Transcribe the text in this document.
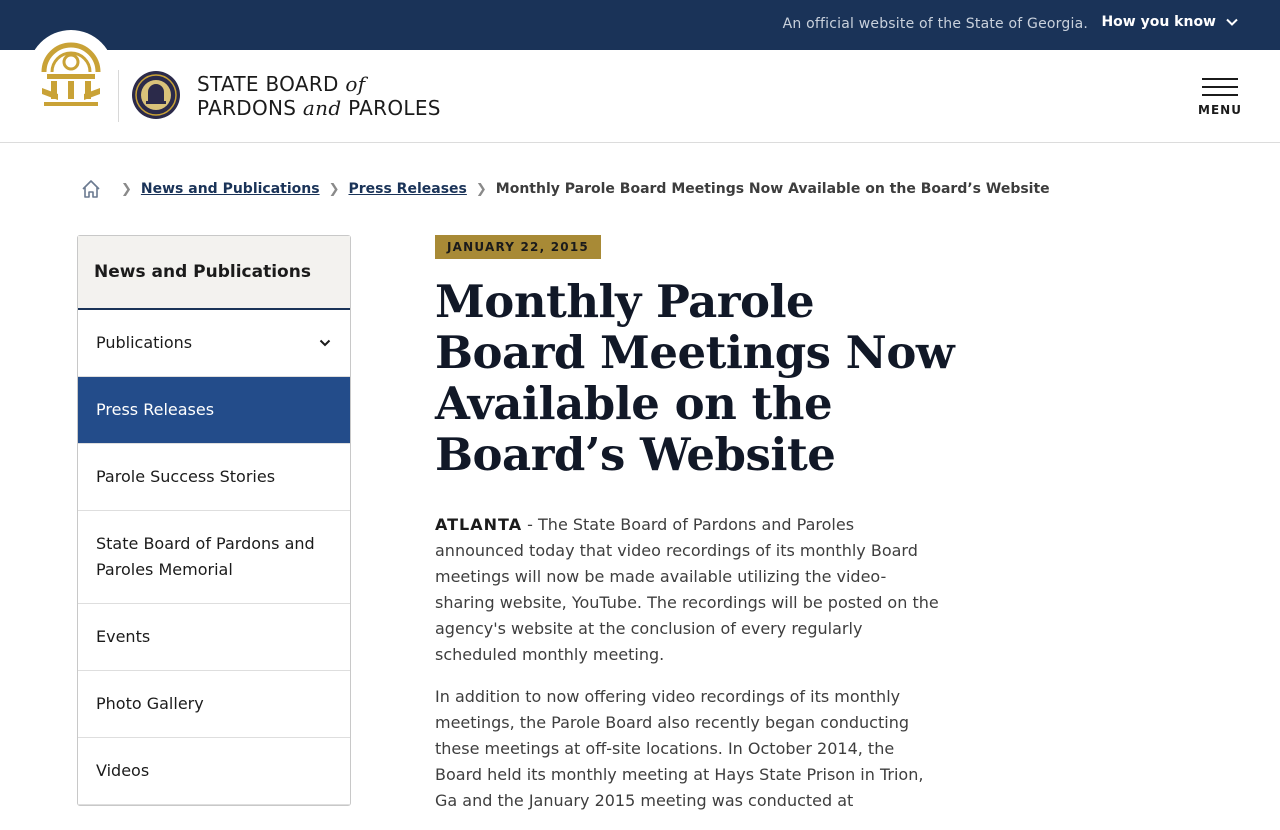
An official website of the State of Georgia. How you know
STATE BOARD of
PARDONS and PAROLES	MENU
❯ News and Publications ❯ Press Releases ❯ Monthly Parole Board Meetings Now Available on the Board’s Website
News and Publications
Publications
Press Releases
Parole Success Stories
State Board of Pardons and Paroles Memorial
Events
Photo Gallery
Videos
JANUARY 22, 2015
Monthly Parole Board Meetings Now Available on the Board’s Website

ATLANTA - The State Board of Pardons and Paroles announced today that video recordings of its monthly Board meetings will now be made available utilizing the video-sharing website, YouTube. The recordings will be posted on the agency's website at the conclusion of every regularly scheduled monthly meeting.

In addition to now offering video recordings of its monthly meetings, the Parole Board also recently began conducting these meetings at off-site locations. In October 2014, the Board held its monthly meeting at Hays State Prison in Trion, Ga and the January 2015 meeting was conducted at
